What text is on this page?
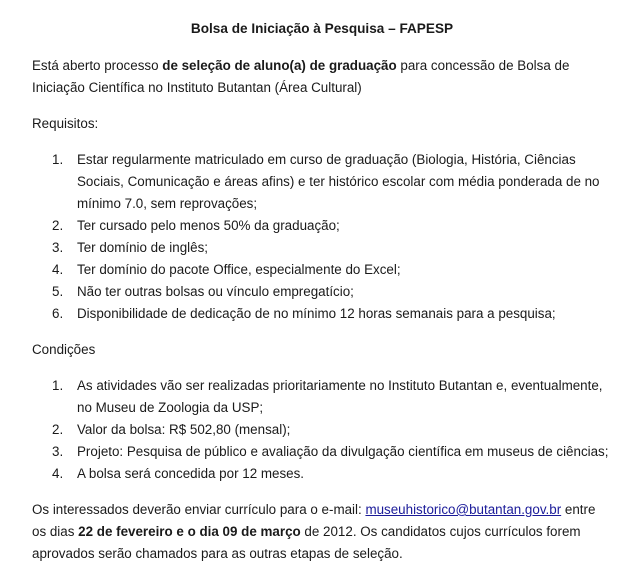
Bolsa de Iniciação à Pesquisa – FAPESP

Está aberto processo de seleção de aluno(a) de graduação para concessão de Bolsa de Iniciação Científica no Instituto Butantan (Área Cultural)

Requisitos:

1. Estar regularmente matriculado em curso de graduação (Biologia, História, Ciências Sociais, Comunicação e áreas afins) e ter histórico escolar com média ponderada de no mínimo 7.0, sem reprovações;
2. Ter cursado pelo menos 50% da graduação;
3. Ter domínio de inglês;
4. Ter domínio do pacote Office, especialmente do Excel;
5. Não ter outras bolsas ou vínculo empregatício;
6. Disponibilidade de dedicação de no mínimo 12 horas semanais para a pesquisa;

Condições

1. As atividades vão ser realizadas prioritariamente no Instituto Butantan e, eventualmente, no Museu de Zoologia da USP;
2. Valor da bolsa: R$ 502,80 (mensal);
3. Projeto: Pesquisa de público e avaliação da divulgação científica em museus de ciências;
4. A bolsa será concedida por 12 meses.

Os interessados deverão enviar currículo para o e-mail: museuhistorico@butantan.gov.br entre os dias 22 de fevereiro e o dia 09 de março de 2012. Os candidatos cujos currículos forem aprovados serão chamados para as outras etapas de seleção.
